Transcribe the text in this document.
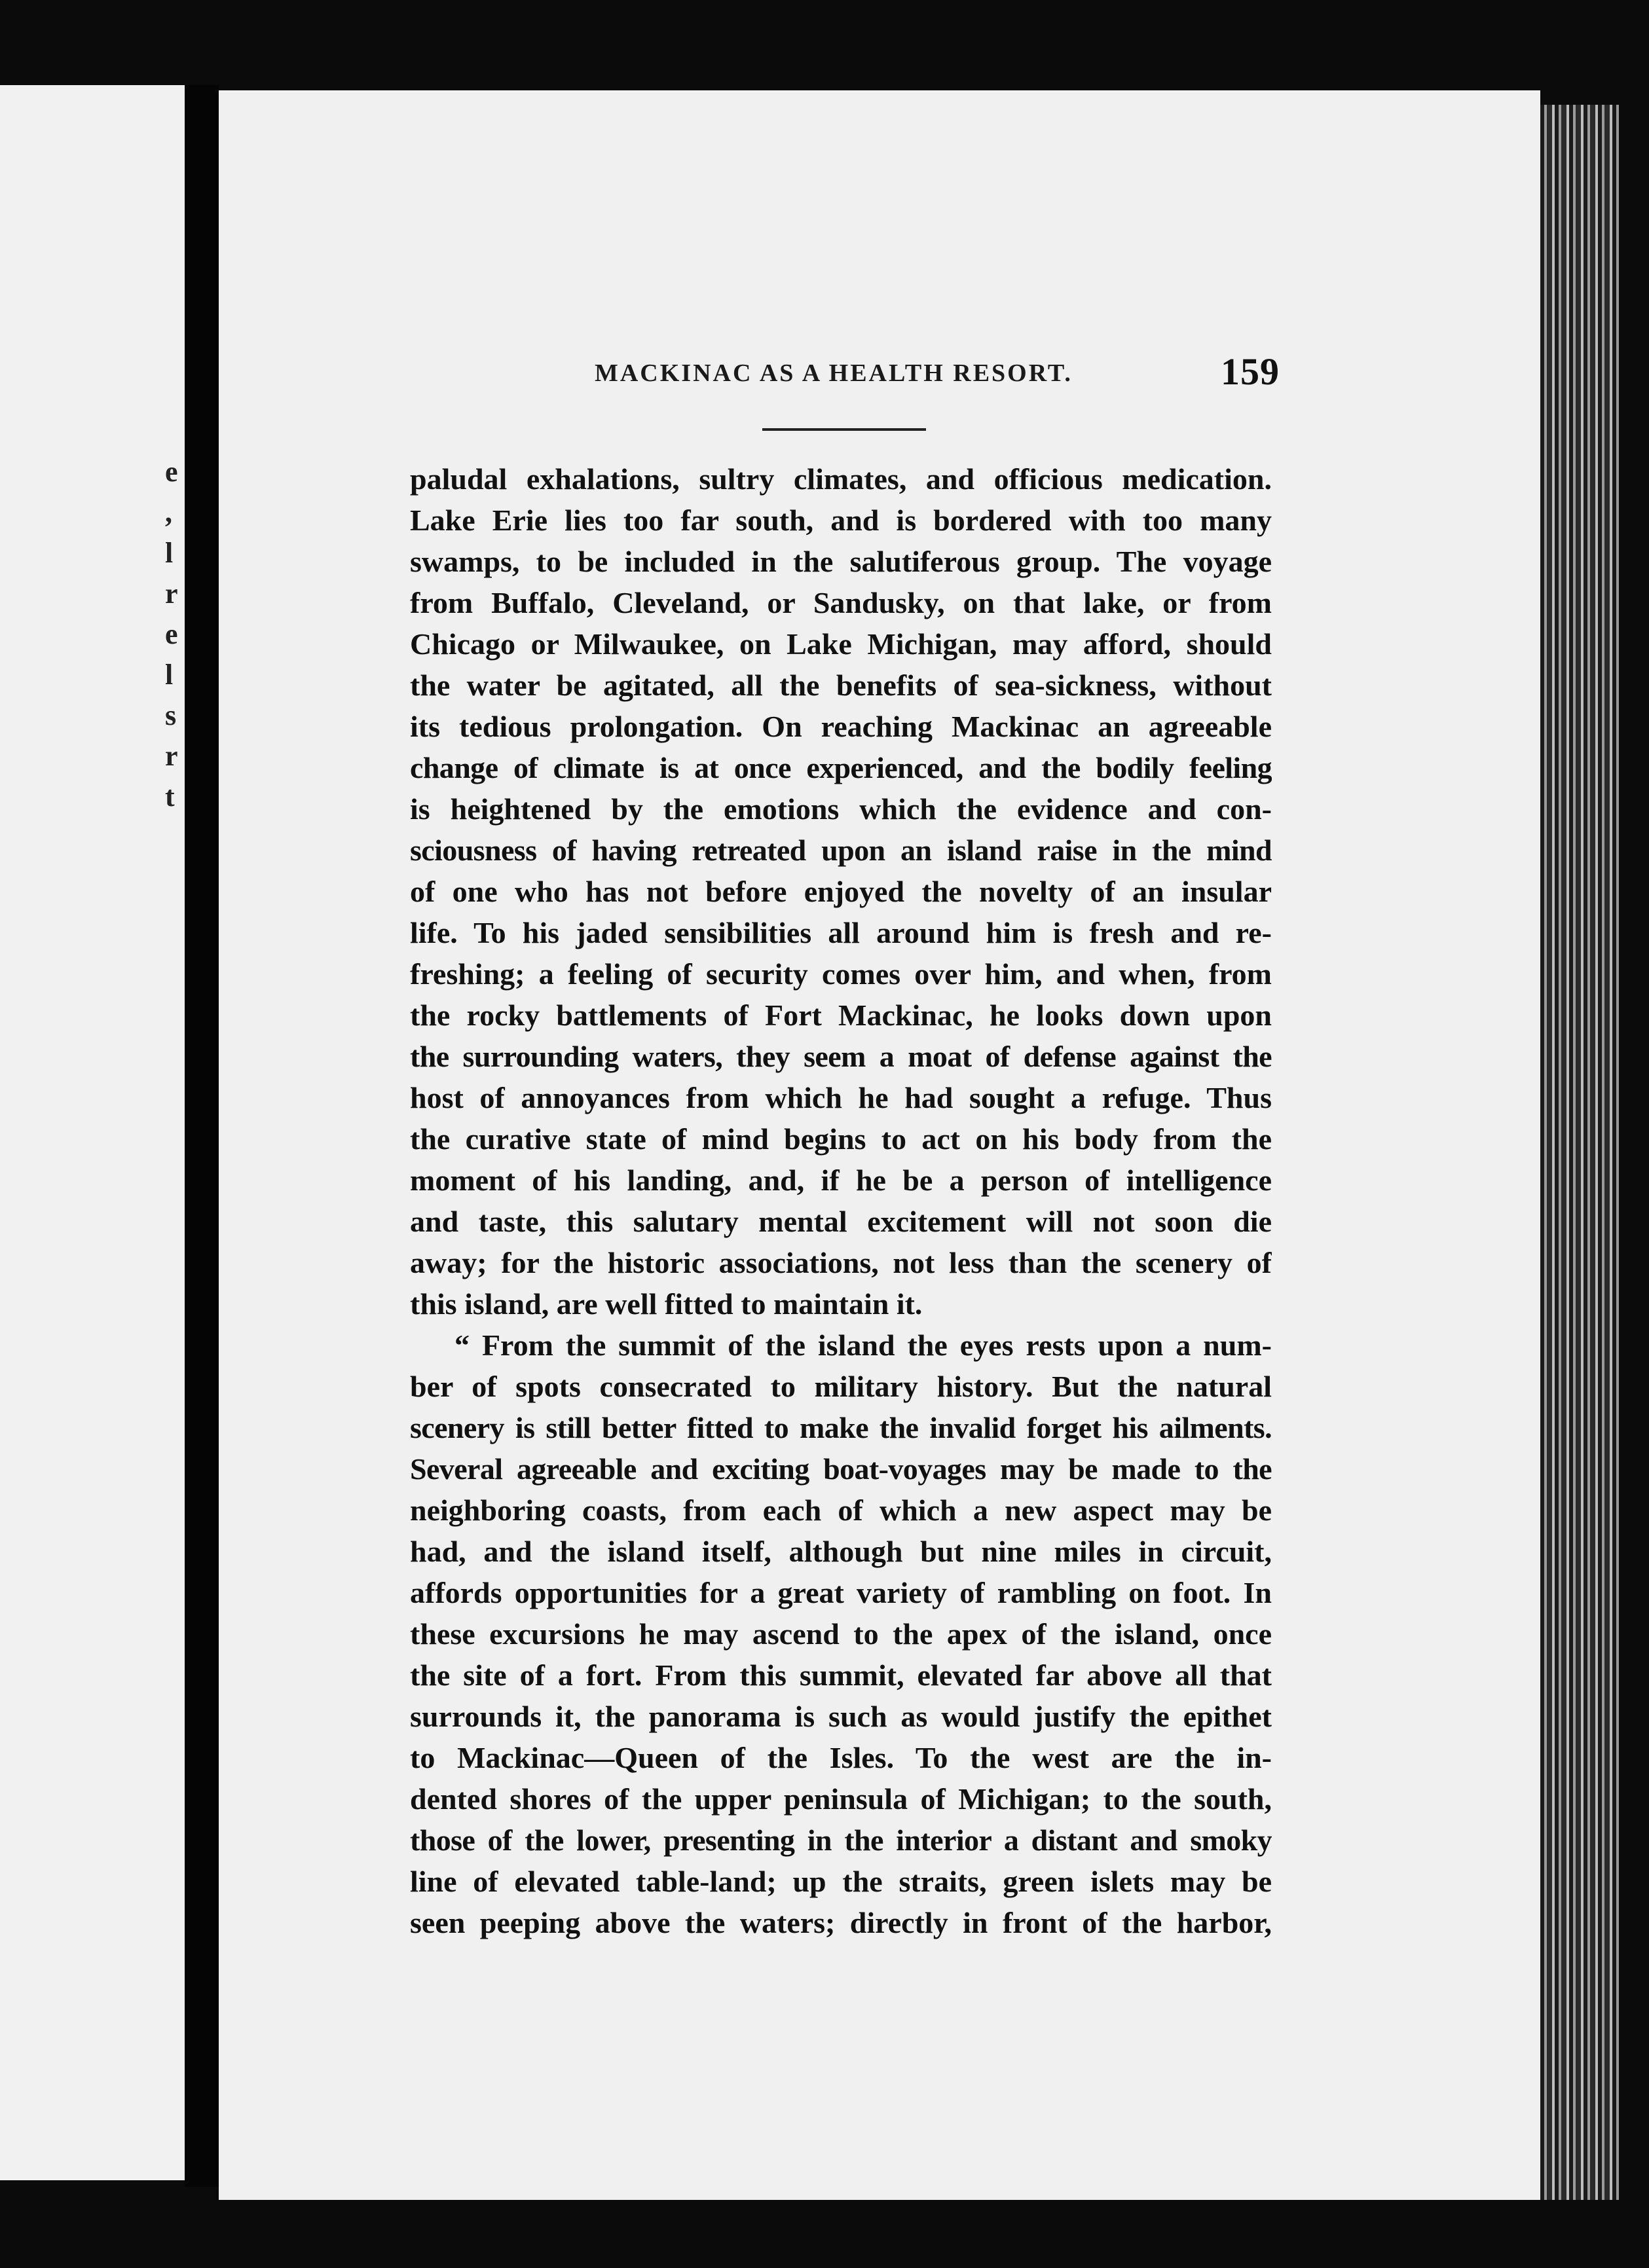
e
,
l
r
e
l
s
r
t
MACKINAC AS A HEALTH RESORT.	159
paludal exhalations, sultry climates, and officious medication.
Lake Erie lies too far south, and is bordered with too many
swamps, to be included in the salutiferous group. The voyage
from Buffalo, Cleveland, or Sandusky, on that lake, or from
Chicago or Milwaukee, on Lake Michigan, may afford, should
the water be agitated, all the benefits of sea-sickness, without
its tedious prolongation. On reaching Mackinac an agreeable
change of climate is at once experienced, and the bodily feeling
is heightened by the emotions which the evidence and con-
sciousness of having retreated upon an island raise in the mind
of one who has not before enjoyed the novelty of an insular
life. To his jaded sensibilities all around him is fresh and re-
freshing; a feeling of security comes over him, and when, from
the rocky battlements of Fort Mackinac, he looks down upon
the surrounding waters, they seem a moat of defense against the
host of annoyances from which he had sought a refuge. Thus
the curative state of mind begins to act on his body from the
moment of his landing, and, if he be a person of intelligence
and taste, this salutary mental excitement will not soon die
away; for the historic associations, not less than the scenery of
this island, are well fitted to maintain it.
“ From the summit of the island the eyes rests upon a num-
ber of spots consecrated to military history. But the natural
scenery is still better fitted to make the invalid forget his ailments.
Several agreeable and exciting boat-voyages may be made to the
neighboring coasts, from each of which a new aspect may be
had, and the island itself, although but nine miles in circuit,
affords opportunities for a great variety of rambling on foot. In
these excursions he may ascend to the apex of the island, once
the site of a fort. From this summit, elevated far above all that
surrounds it, the panorama is such as would justify the epithet
to Mackinac—Queen of the Isles. To the west are the in-
dented shores of the upper peninsula of Michigan; to the south,
those of the lower, presenting in the interior a distant and smoky
line of elevated table-land; up the straits, green islets may be
seen peeping above the waters; directly in front of the harbor,
